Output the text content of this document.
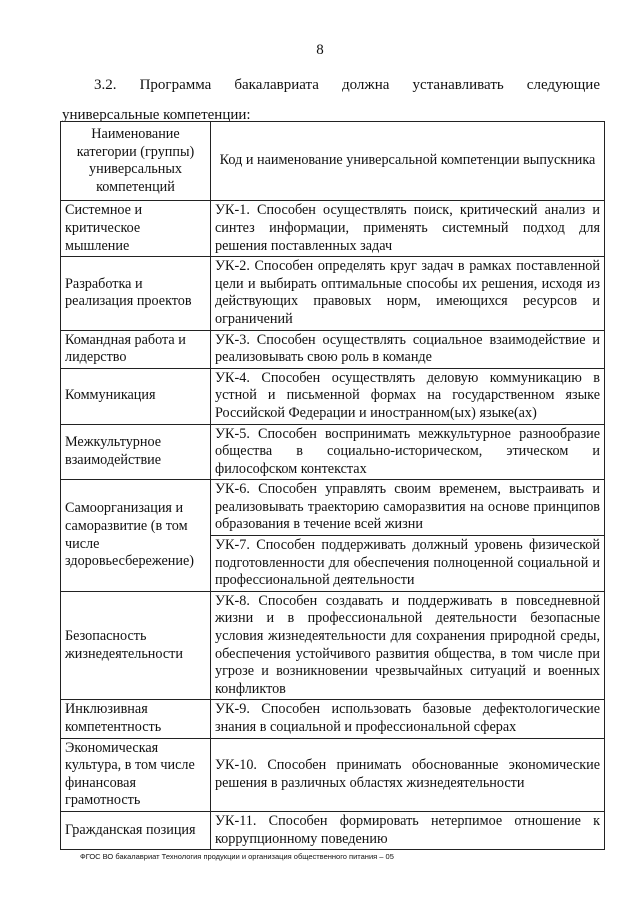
8
3.2. Программа бакалавриата должна устанавливать следующие
универсальные компетенции:
Наименование категории (группы) универсальных компетенций	Код и наименование универсальной компетенции выпускника
Системное и критическое мышление	УК-1. Способен осуществлять поиск, критический анализ и синтез информации, применять системный подход для решения поставленных задач
Разработка и реализация проектов	УК-2. Способен определять круг задач в рамках поставленной цели и выбирать оптимальные способы их решения, исходя из действующих правовых норм, имеющихся ресурсов и ограничений
Командная работа и лидерство	УК-3. Способен осуществлять социальное взаимодействие и реализовывать свою роль в команде
Коммуникация	УК-4. Способен осуществлять деловую коммуникацию в устной и письменной формах на государственном языке Российской Федерации и иностранном(ых) языке(ах)
Межкультурное взаимодействие	УК-5. Способен воспринимать межкультурное разнообразие общества в социально-историческом, этическом и философском контекстах
Самоорганизация и саморазвитие (в том числе здоровьесбережение)	УК-6. Способен управлять своим временем, выстраивать и реализовывать траекторию саморазвития на основе принципов образования в течение всей жизни
	УК-7. Способен поддерживать должный уровень физической подготовленности для обеспечения полноценной социальной и профессиональной деятельности
Безопасность жизнедеятельности	УК-8. Способен создавать и поддерживать в повседневной жизни и в профессиональной деятельности безопасные условия жизнедеятельности для сохранения природной среды, обеспечения устойчивого развития общества, в том числе при угрозе и возникновении чрезвычайных ситуаций и военных конфликтов
Инклюзивная компетентность	УК-9. Способен использовать базовые дефектологические знания в социальной и профессиональной сферах
Экономическая культура, в том числе финансовая грамотность	УК-10. Способен принимать обоснованные экономические решения в различных областях жизнедеятельности
Гражданская позиция	УК-11. Способен формировать нетерпимое отношение к коррупционному поведению
ФГОС ВО бакалавриат Технология продукции и организация общественного питания – 05
